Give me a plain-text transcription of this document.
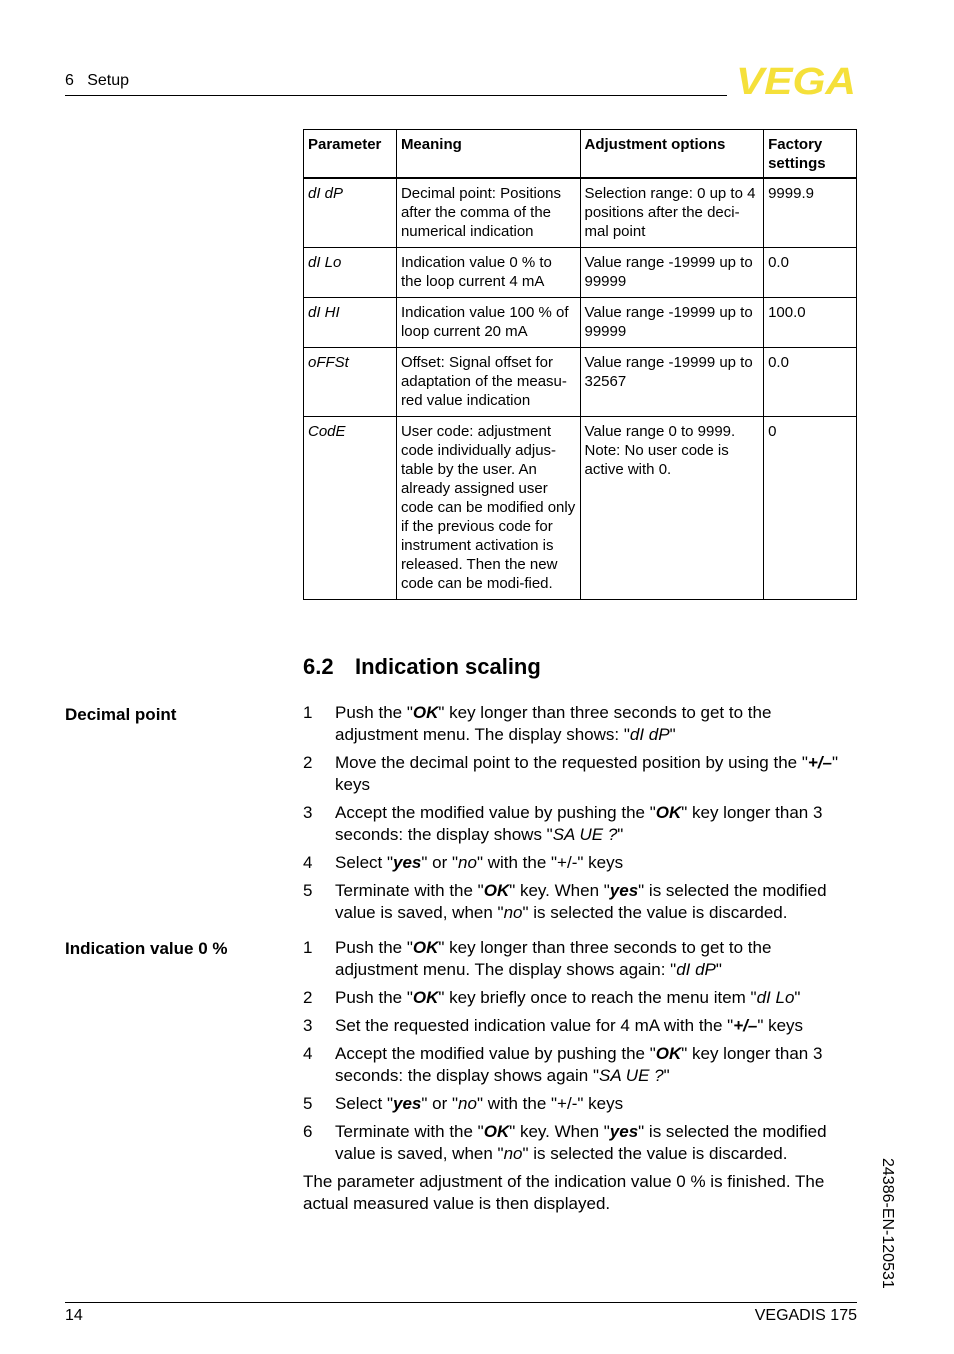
6   Setup	VEGA
Parameter	Meaning	Adjustment options	Factory settings
dI dP	Decimal point: Positions after the comma of the numerical indication	Selection range: 0 up to 4 positions after the deci-mal point	9999.9
dI Lo	Indication value 0 % to the loop current 4 mA	Value range -19999 up to 99999	0.0
dI HI	Indication value 100 % of loop current 20 mA	Value range -19999 up to 99999	100.0
oFFSt	Offset: Signal offset for adaptation of the measu-red value indication	Value range -19999 up to 32567	0.0
CodE	User code: adjustment code individually adjus-table by the user. An already assigned user code can be modified only if the previous code for instrument activation is released. Then the new code can be modi-fied.	Value range 0 to 9999. Note: No user code is active with 0.	0
6.2 Indication scaling
Decimal point	1 Push the "OK" key longer than three seconds to get to the adjustment menu. The display shows: "dI dP"
2 Move the decimal point to the requested position by using the "+/–" keys
3 Accept the modified value by pushing the "OK" key longer than 3 seconds: the display shows "SA UE ?"
4 Select "yes" or "no" with the "+/-" keys
5 Terminate with the "OK" key. When "yes" is selected the modified value is saved, when "no" is selected the value is discarded.
Indication value 0 %	1 Push the "OK" key longer than three seconds to get to the adjustment menu. The display shows again: "dI dP"
2 Push the "OK" key briefly once to reach the menu item "dI Lo"
3 Set the requested indication value for 4 mA with the "+/–" keys
4 Accept the modified value by pushing the "OK" key longer than 3 seconds: the display shows again "SA UE ?"
5 Select "yes" or "no" with the "+/-" keys
6 Terminate with the "OK" key. When "yes" is selected the modified value is saved, when "no" is selected the value is discarded.
The parameter adjustment of the indication value 0 % is finished. The actual measured value is then displayed.
14	VEGADIS 175
24386-EN-120531
